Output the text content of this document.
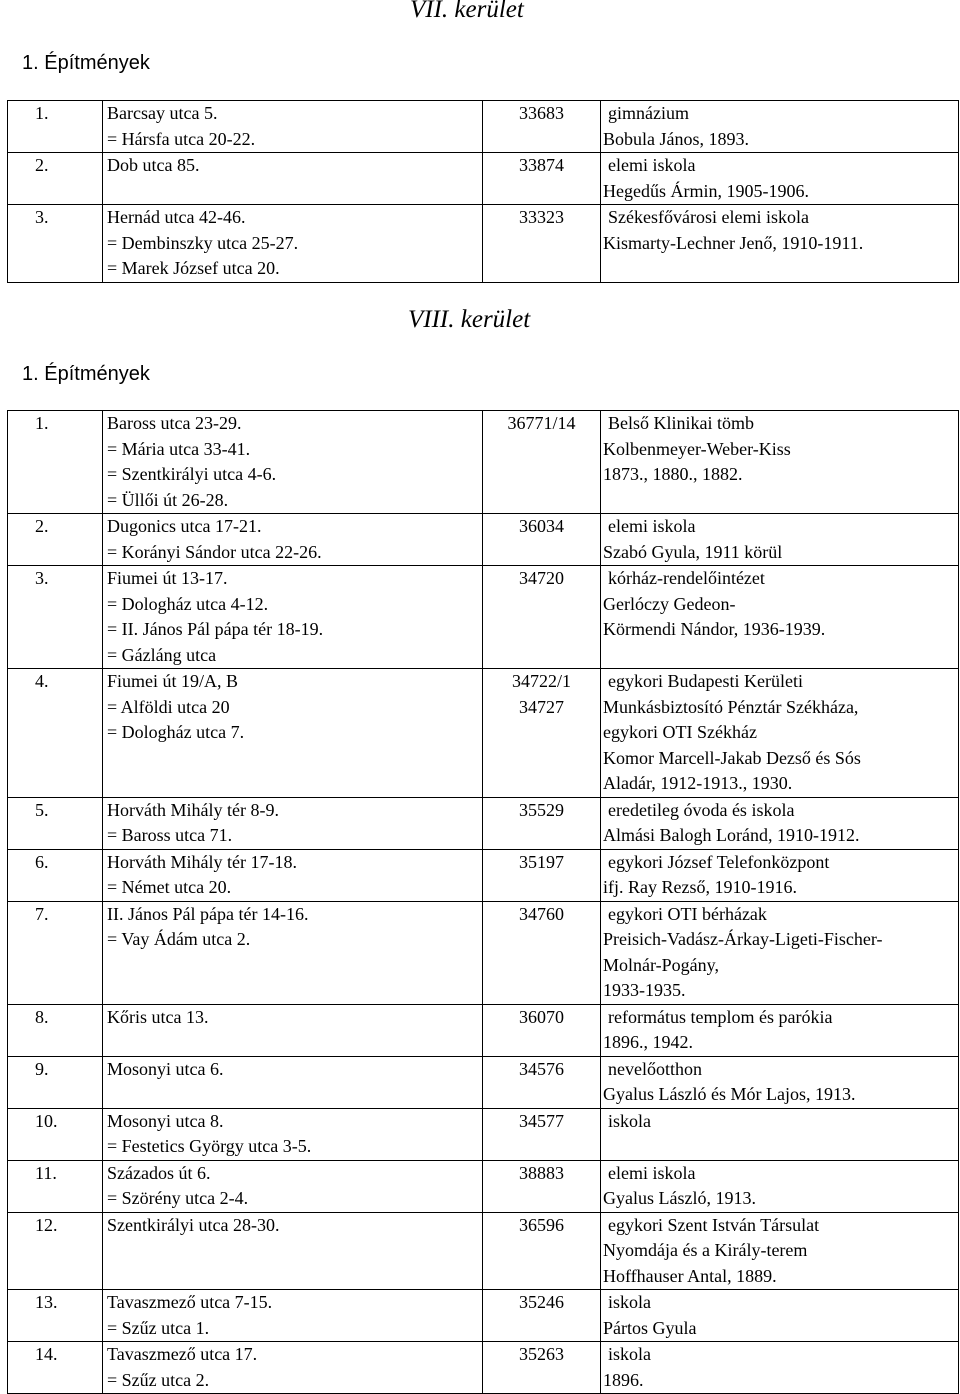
VII. kerület
1. Építmények
1.	Barcsay utca 5.
= Hársfa utca 20-22.	33683	gimnázium
Bobula János, 1893.

2.	Dob utca 85.	33874	elemi iskola
Hegedűs Ármin, 1905-1906.

3.	Hernád utca 42-46.
= Dembinszky utca 25-27.
= Marek József utca 20.	33323	Székesfővárosi elemi iskola
Kismarty-Lechner Jenő, 1910-1911.
VIII. kerület
1. Építmények
1.	Baross utca 23-29.
= Mária utca 33-41.
= Szentkirályi utca 4-6.
= Üllői út 26-28.	36771/14	Belső Klinikai tömb
Kolbenmeyer-Weber-Kiss
1873., 1880., 1882.

2.	Dugonics utca 17-21.
= Korányi Sándor utca 22-26.	36034	elemi iskola
Szabó Gyula, 1911 körül

3.	Fiumei út 13-17.
= Dologház utca 4-12.
= II. János Pál pápa tér 18-19.
= Gázláng utca	34720	kórház-rendelőintézet
Gerlóczy Gedeon-
Körmendi Nándor, 1936-1939.

4.	Fiumei út 19/A, B
= Alföldi utca 20
= Dologház utca 7.	34722/1
34727	egykori Budapesti Kerületi
Munkásbiztosító Pénztár Székháza,
egykori OTI Székház
Komor Marcell-Jakab Dezső és Sós
Aladár, 1912-1913., 1930.

5.	Horváth Mihály tér 8-9.
= Baross utca 71.	35529	eredetileg óvoda és iskola
Almási Balogh Loránd, 1910-1912.

6.	Horváth Mihály tér 17-18.
= Német utca 20.	35197	egykori József Telefonközpont
ifj. Ray Rezső, 1910-1916.

7.	II. János Pál pápa tér 14-16.
= Vay Ádám utca 2.	34760	egykori OTI bérházak
Preisich-Vadász-Árkay-Ligeti-Fischer-
Molnár-Pogány,
1933-1935.

8.	Kőris utca 13.	36070	református templom és parókia
1896., 1942.

9.	Mosonyi utca 6.	34576	nevelőotthon
Gyalus László és Mór Lajos, 1913.

10.	Mosonyi utca 8.
= Festetics György utca 3-5.	34577	iskola

11.	Százados út 6.
= Szörény utca 2-4.	38883	elemi iskola
Gyalus László, 1913.

12.	Szentkirályi utca 28-30.	36596	egykori Szent István Társulat
Nyomdája és a Király-terem
Hoffhauser Antal, 1889.

13.	Tavaszmező utca 7-15.
= Szűz utca 1.	35246	iskola
Pártos Gyula

14.	Tavaszmező utca 17.
= Szűz utca 2.	35263	iskola
1896.
